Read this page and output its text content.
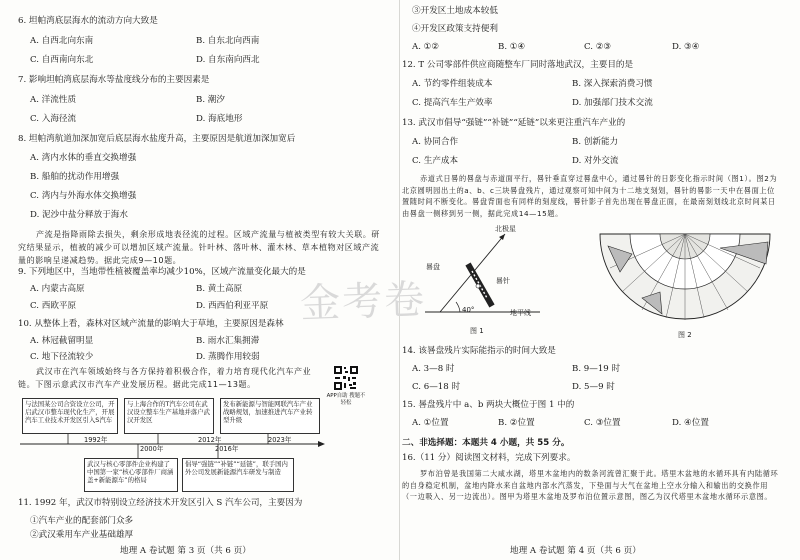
6. 坦帕湾底层海水的流动方向大致是
A. 自西北向东南	B. 自东北向西南
C. 自西南向东北	D. 自东南向西北
7. 影响坦帕湾底层海水等盐度线分布的主要因素是
A. 洋流性质	B. 潮汐
C. 入海径流	D. 海底地形
8. 坦帕湾航道加深加宽后底层海水盐度升高，主要原因是航道加深加宽后
A. 湾内水体的垂直交换增强
B. 船舶的扰动作用增强
C. 湾内与外海水体交换增强
D. 泥沙中盐分释放于海水
产流是指降雨除去损失，剩余形成地表径流的过程。区域产流量与植被类型有较大关联。研究结果显示，植被的减少可以增加区域产流量。针叶林、落叶林、灌木林、草本植物对区域产流量的影响呈递减趋势。据此完成9—10题。
9. 下列地区中，当地带性植被覆盖率均减少10%，区域产流量变化最大的是
A. 内蒙古高原	B. 黄土高原
C. 西欧平原	D. 西西伯利亚平原
10. 从整体上看，森林对区域产流量的影响大于草地，主要原因是森林
A. 林冠截留明显	B. 雨水汇集拥滞
C. 地下径流较少	D. 蒸腾作用较弱
武汉市在汽车领域始终与各方保持着积极合作，着力培育现代化汽车产业链。下图示意武汉市汽车产业发展历程。据此完成11—13题。
APP自助 搜题不轻松
与法国某公司合资设立公司，开启武汉市整车现代化生产，开展汽车工业技术开发区引入S汽车
与上海合作的T汽车公司在武汉设立整车生产基地并落户武汉开发区
发布新能源与智能网联汽车产业战略规划，加速推进汽车产业转型升级
1992年
2000年
2012年
2016年
2023年
武汉与核心零部件企业构建了中国第一家“核心零部件厂商涵盖+新能源车”的格局
倡导“强链”“补链”“延链”，联手国内外公司发展新能源汽车研发与制造
11. 1992 年，武汉市特别设立经济技术开发区引入 S 汽车公司，主要因为
①汽车产业的配套部门众多
②武汉乘用车产业基础雄厚
地理 A 卷试题 第 3 页（共 6 页）
③开发区土地成本较低
④开发区政策支持便利
A. ①②	B. ①④	C. ②③	D. ③④
12. T 公司零部件供应商随整车厂同时落地武汉，主要目的是
A. 节约零件组装成本	B. 深入探索消费习惯
C. 提高汽车生产效率	D. 加强部门技术交流
13. 武汉市倡导“强链”“补链”“延链”以来更注重汽车产业的
A. 协同合作	B. 创新能力
C. 生产成本	D. 对外交流
赤道式日晷的晷盘与赤道面平行，晷针垂直穿过晷盘中心，通过晷针的日影变化指示时间（图1）。图2为北京圆明园出土的a、b、c三块晷盘残片，通过观察可知中间为十二地支刻划，晷针的晷影一天中在晷面上位置随时间不断变化。晷盘背面也有同样的刻度线，晷针影子首先出现在晷盘正面，在最南刻划线北京时间某日由晷盘一侧移到另一侧，据此完成14—15题。
北极星
晷盘
晷针
40°	地平线
图 1	图 2
14. 该晷盘残片实际能指示的时间大致是
A. 3—8 时	B. 9—19 时
C. 6—18 时	D. 5—9 时
15. 晷盘残片中 a、b 两块大概位于图 1 中的
A. ①位置	B. ②位置	C. ③位置	D. ④位置
二、非选择题：本题共 4 小题，共 55 分。
16.（11 分）阅读图文材料，完成下列要求。
罗布泊曾是我国第二大咸水湖，塔里木盆地内的数条河流曾汇聚于此。塔里木盆地的水循环具有内陆循环的自身稳定机制，盆地内降水来自盆地内部水汽蒸发，下垫面与大气在盆地上空水分输入和输出的交换作用（一边吸入、另一边流出）。图甲为塔里木盆地及罗布泊位置示意图，图乙为汉代塔里木盆地水循环示意图。
地理 A 卷试题 第 4 页（共 6 页）
金考卷
